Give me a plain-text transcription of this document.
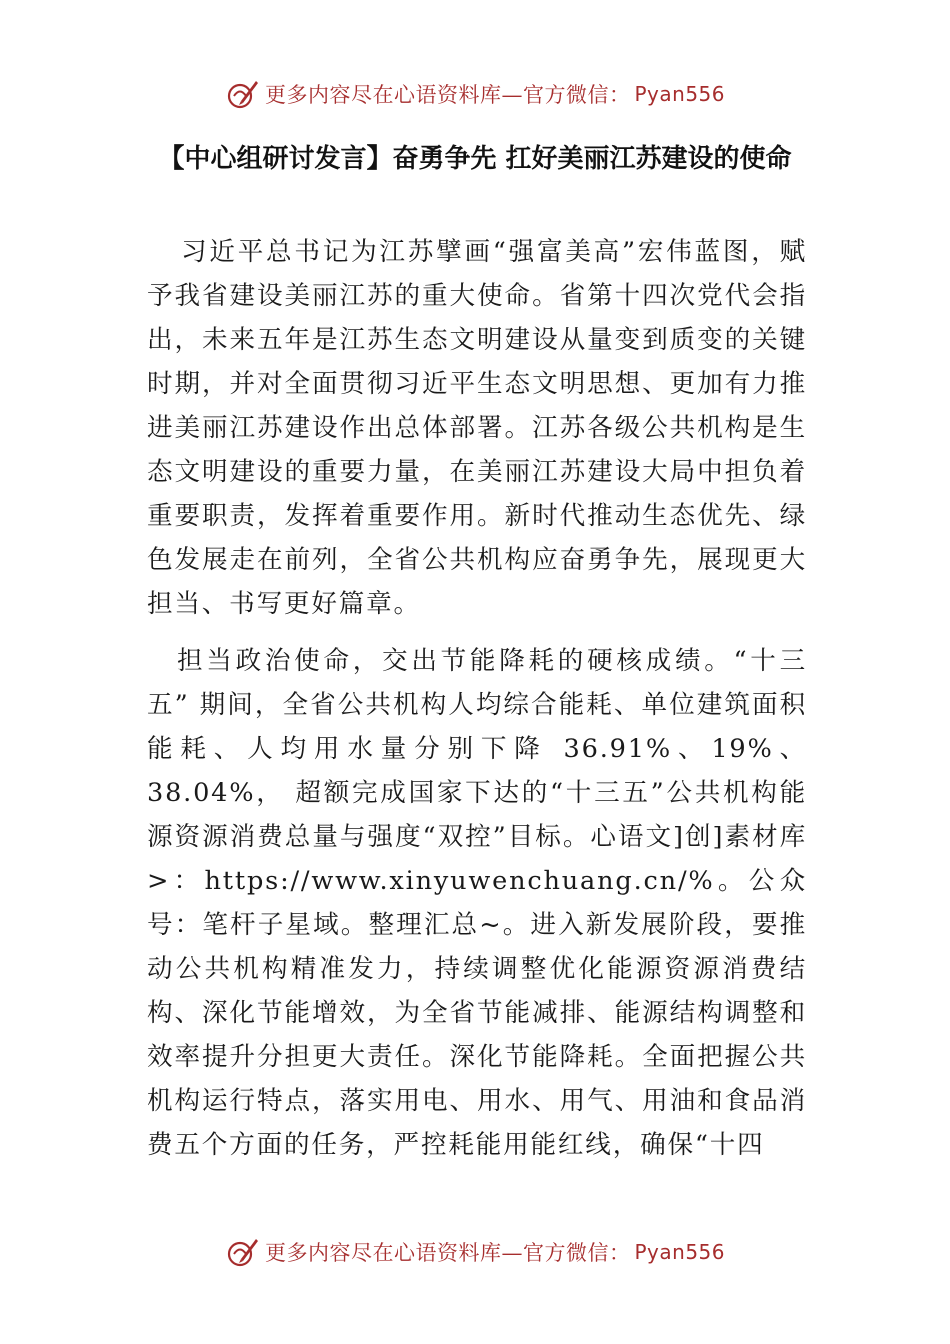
更多内容尽在心语资料库—官方微信： Pyan556
【中心组研讨发言】奋勇争先 扛好美丽江苏建设的使命

习近平总书记为江苏擘画“强富美高”宏伟蓝图，赋予我省建设美丽江苏的重大使命。省第十四次党代会指出，未来五年是江苏生态文明建设从量变到质变的关键时期，并对全面贯彻习近平生态文明思想、更加有力推进美丽江苏建设作出总体部署。江苏各级公共机构是生态文明建设的重要力量，在美丽江苏建设大局中担负着重要职责，发挥着重要作用。新时代推动生态优先、绿色发展走在前列，全省公共机构应奋勇争先，展现更大担当、书写更好篇章。

担当政治使命，交出节能降耗的硬核成绩。“十三五” 期间，全省公共机构人均综合能耗、单位建筑面积能耗、人均用水量分别下降 36.91%、19%、38.04%， 超额完成国家下达的“十三五”公共机构能源资源消费总量与强度“双控”目标。心语文]创]素材库>：https://www.xinyuwenchuang.cn/%。公众号：笔杆子星域。整理汇总~。进入新发展阶段，要推动公共机构精准发力，持续调整优化能源资源消费结构、深化节能增效，为全省节能减排、能源结构调整和效率提升分担更大责任。深化节能降耗。全面把握公共机构运行特点，落实用电、用水、用气、用油和食品消费五个方面的任务，严控耗能用能红线，确保“十四

更多内容尽在心语资料库—官方微信： Pyan556
